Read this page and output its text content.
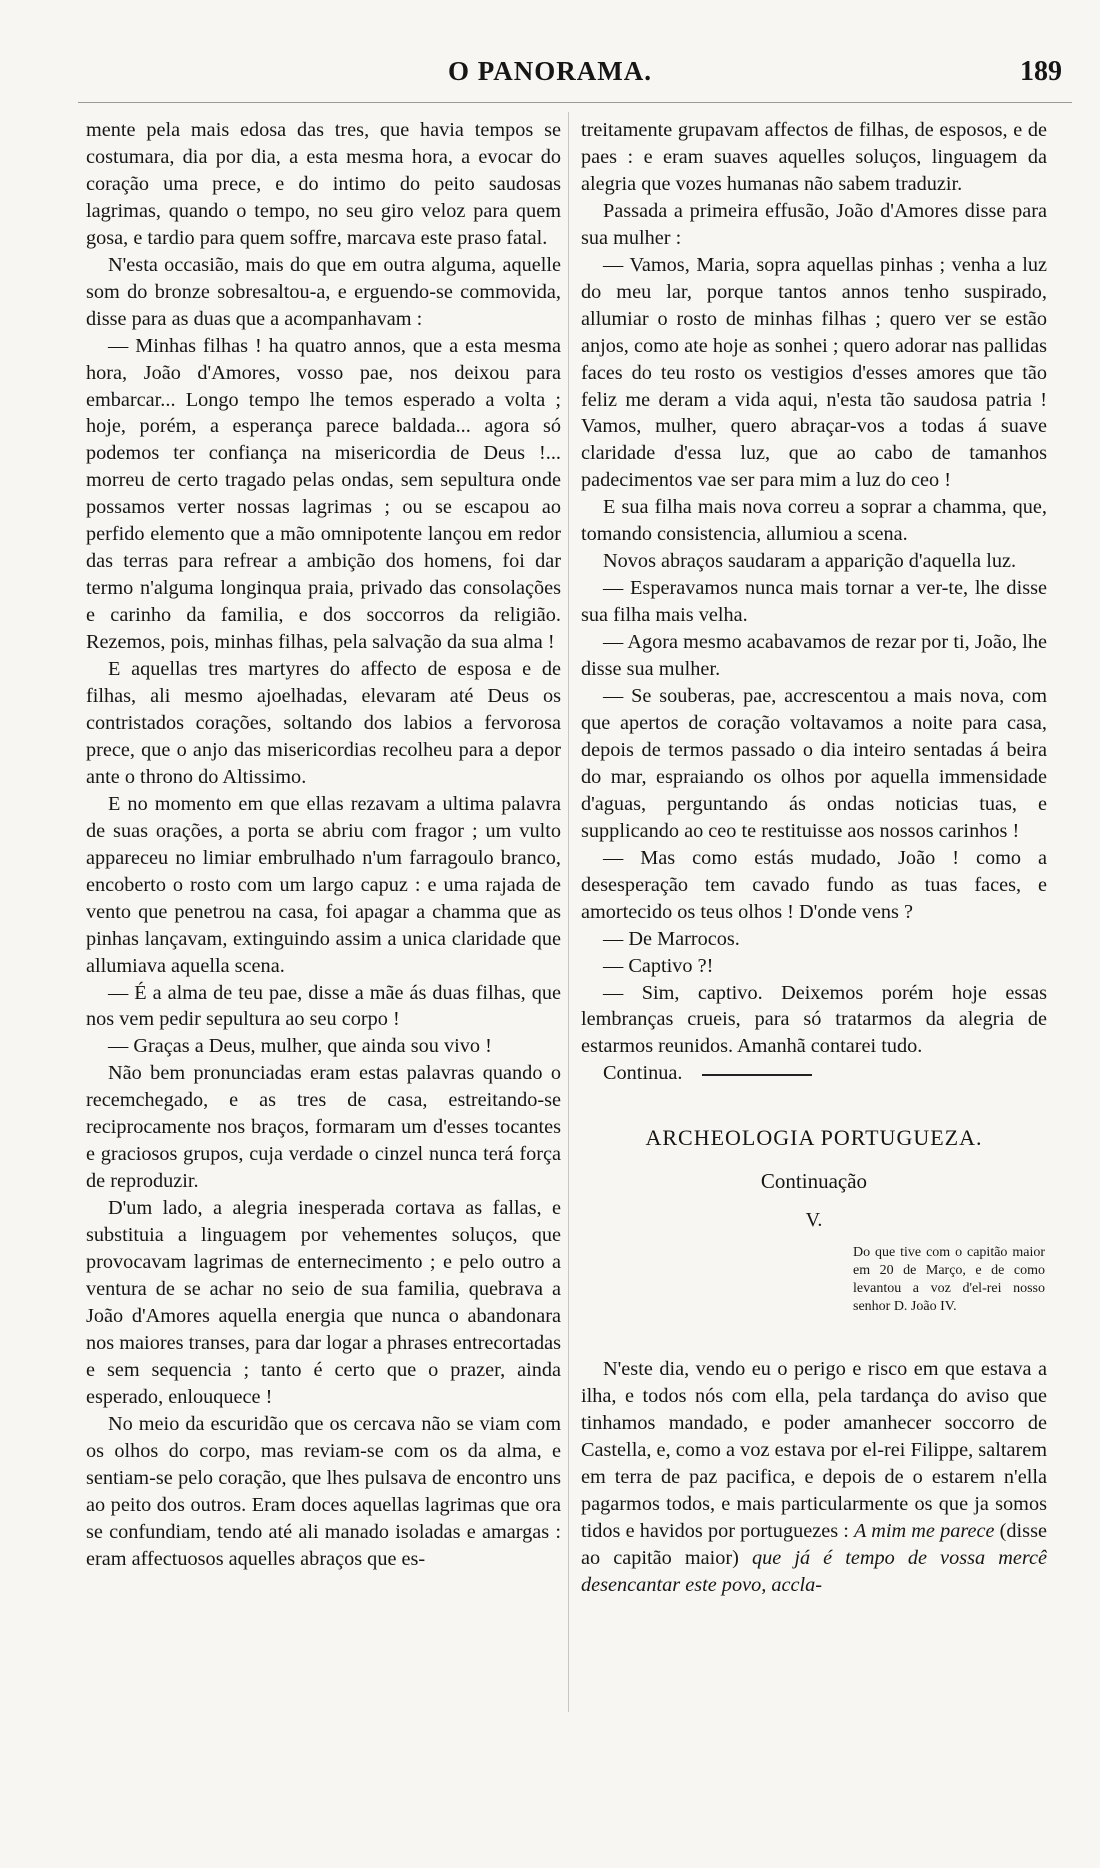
O PANORAMA.	189

mente pela mais edosa das tres, que havia tempos se costumara, dia por dia, a esta mesma hora, a evocar do coração uma prece, e do intimo do peito saudosas lagrimas, quando o tempo, no seu giro veloz para quem gosa, e tardio para quem soffre, marcava este praso fatal.

N'esta occasião, mais do que em outra alguma, aquelle som do bronze sobresaltou-a, e erguendo-se commovida, disse para as duas que a acompanhavam :

— Minhas filhas ! ha quatro annos, que a esta mesma hora, João d'Amores, vosso pae, nos deixou para embarcar... Longo tempo lhe temos esperado a volta ; hoje, porém, a esperança parece baldada... agora só podemos ter confiança na misericordia de Deus !... morreu de certo tragado pelas ondas, sem sepultura onde possamos verter nossas lagrimas ; ou se escapou ao perfido elemento que a mão omnipotente lançou em redor das terras para refrear a ambição dos homens, foi dar termo n'alguma longinqua praia, privado das consolações e carinho da familia, e dos soccorros da religião. Rezemos, pois, minhas filhas, pela salvação da sua alma !

E aquellas tres martyres do affecto de esposa e de filhas, ali mesmo ajoelhadas, elevaram até Deus os contristados corações, soltando dos labios a fervorosa prece, que o anjo das misericordias recolheu para a depor ante o throno do Altissimo.

E no momento em que ellas rezavam a ultima palavra de suas orações, a porta se abriu com fragor ; um vulto appareceu no limiar embrulhado n'um farragoulo branco, encoberto o rosto com um largo capuz : e uma rajada de vento que penetrou na casa, foi apagar a chamma que as pinhas lançavam, extinguindo assim a unica claridade que allumiava aquella scena.

— É a alma de teu pae, disse a mãe ás duas filhas, que nos vem pedir sepultura ao seu corpo !

— Graças a Deus, mulher, que ainda sou vivo !

Não bem pronunciadas eram estas palavras quando o recemchegado, e as tres de casa, estreitando-se reciprocamente nos braços, formaram um d'esses tocantes e graciosos grupos, cuja verdade o cinzel nunca terá força de reproduzir.

D'um lado, a alegria inesperada cortava as fallas, e substituia a linguagem por vehementes soluços, que provocavam lagrimas de enternecimento ; e pelo outro a ventura de se achar no seio de sua familia, quebrava a João d'Amores aquella energia que nunca o abandonara nos maiores transes, para dar logar a phrases entrecortadas e sem sequencia ; tanto é certo que o prazer, ainda esperado, enlouquece !

No meio da escuridão que os cercava não se viam com os olhos do corpo, mas reviam-se com os da alma, e sentiam-se pelo coração, que lhes pulsava de encontro uns ao peito dos outros. Eram doces aquellas lagrimas que ora se confundiam, tendo até ali manado isoladas e amargas : eram affectuosos aquelles abraços que es-

treitamente grupavam affectos de filhas, de esposos, e de paes : e eram suaves aquelles soluços, linguagem da alegria que vozes humanas não sabem traduzir.

Passada a primeira effusão, João d'Amores disse para sua mulher :

— Vamos, Maria, sopra aquellas pinhas ; venha a luz do meu lar, porque tantos annos tenho suspirado, allumiar o rosto de minhas filhas ; quero ver se estão anjos, como ate hoje as sonhei ; quero adorar nas pallidas faces do teu rosto os vestigios d'esses amores que tão feliz me deram a vida aqui, n'esta tão saudosa patria ! Vamos, mulher, quero abraçar-vos a todas á suave claridade d'essa luz, que ao cabo de tamanhos padecimentos vae ser para mim a luz do ceo !

E sua filha mais nova correu a soprar a chamma, que, tomando consistencia, allumiou a scena.

Novos abraços saudaram a apparição d'aquella luz.

— Esperavamos nunca mais tornar a ver-te, lhe disse sua filha mais velha.

— Agora mesmo acabavamos de rezar por ti, João, lhe disse sua mulher.

— Se souberas, pae, accrescentou a mais nova, com que apertos de coração voltavamos a noite para casa, depois de termos passado o dia inteiro sentadas á beira do mar, espraiando os olhos por aquella immensidade d'aguas, perguntando ás ondas noticias tuas, e supplicando ao ceo te restituisse aos nossos carinhos !

— Mas como estás mudado, João ! como a desesperação tem cavado fundo as tuas faces, e amortecido os teus olhos ! D'onde vens ?

— De Marrocos.

— Captivo ?!

— Sim, captivo. Deixemos porém hoje essas lembranças crueis, para só tratarmos da alegria de estarmos reunidos. Amanhã contarei tudo.

Continua.

ARCHEOLOGIA PORTUGUEZA.
Continuação
V.
Do que tive com o capitão maior em 20 de Março, e de como levantou a voz d'el-rei nosso senhor D. João IV.

N'este dia, vendo eu o perigo e risco em que estava a ilha, e todos nós com ella, pela tardança do aviso que tinhamos mandado, e poder amanhecer soccorro de Castella, e, como a voz estava por el-rei Filippe, saltarem em terra de paz pacifica, e depois de o estarem n'ella pagarmos todos, e mais particularmente os que ja somos tidos e havidos por portuguezes : A mim me parece (disse ao capitão maior) que já é tempo de vossa mercê desencantar este povo, accla-
